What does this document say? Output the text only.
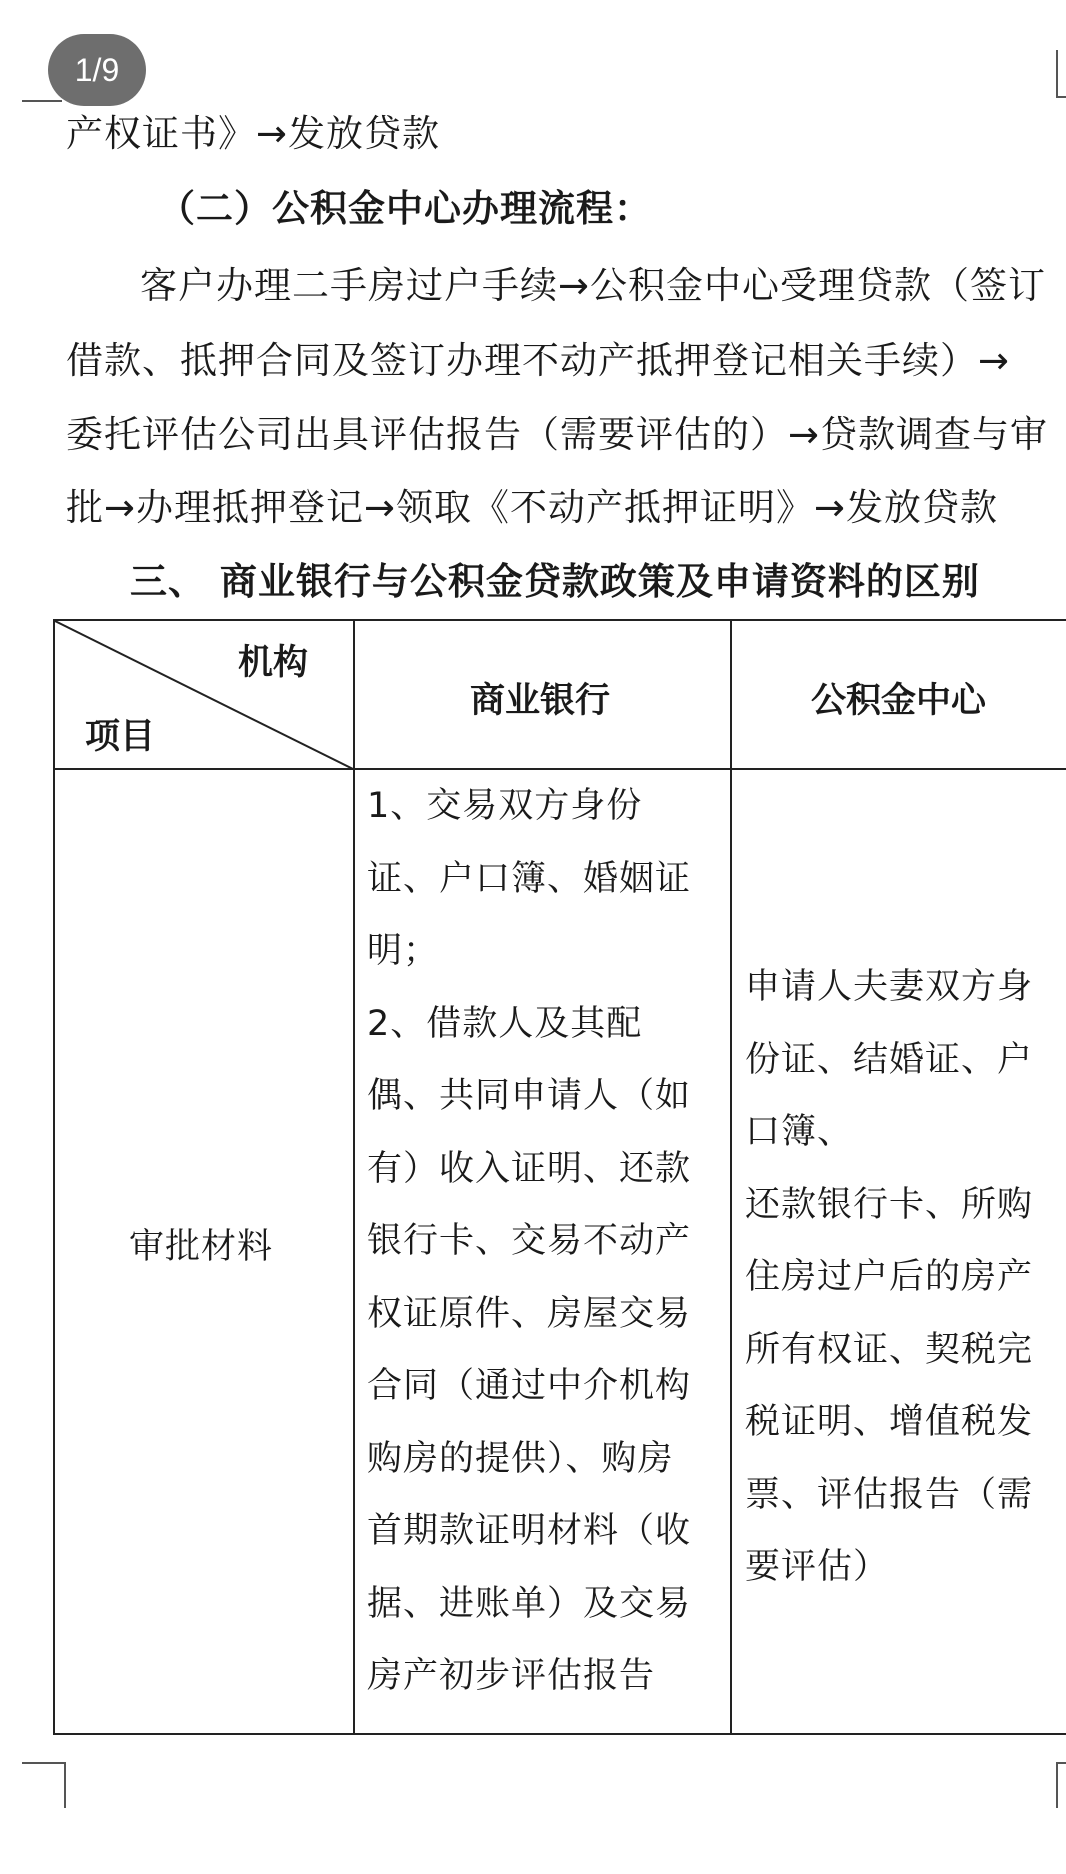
1/9
产权证书》→发放贷款
（二）公积金中心办理流程：
客户办理二手房过户手续→公积金中心受理贷款（签订
借款、抵押合同及签订办理不动产抵押登记相关手续）→
委托评估公司出具评估报告（需要评估的）→贷款调查与审
批→办理抵押登记→领取《不动产抵押证明》→发放贷款
三、 商业银行与公积金贷款政策及申请资料的区别
机构
项目
商业银行	公积金中心
审批材料
1、交易双方身份
证、户口簿、婚姻证
明；
2、借款人及其配
偶、共同申请人（如
有）收入证明、还款
银行卡、交易不动产
权证原件、房屋交易
合同（通过中介机构
购房的提供）、购房
首期款证明材料（收
据、进账单）及交易
房产初步评估报告
申请人夫妻双方身
份证、结婚证、户
口簿、
还款银行卡、所购
住房过户后的房产
所有权证、契税完
税证明、增值税发
票、评估报告（需
要评估）
